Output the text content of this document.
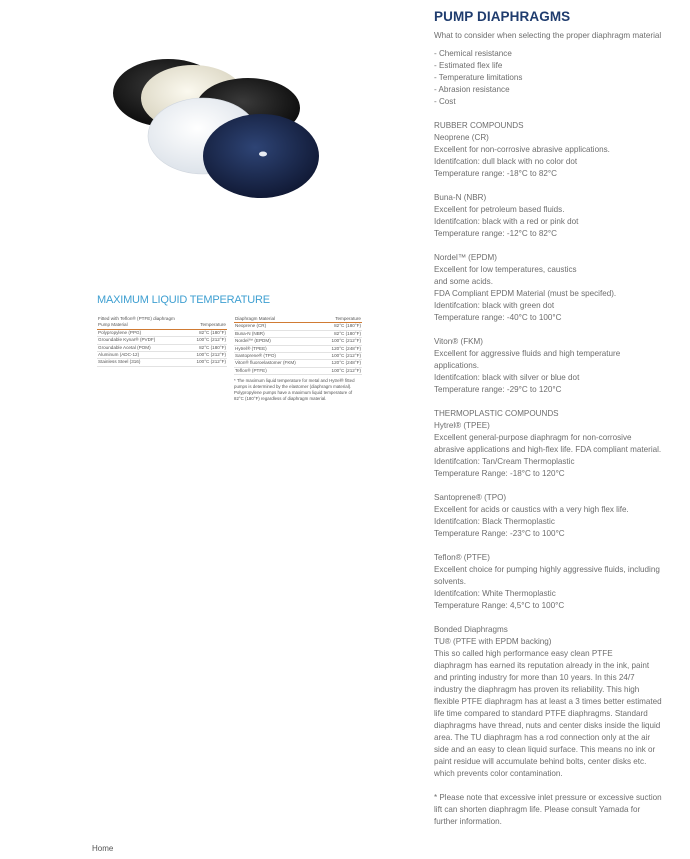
MAXIMUM LIQUID TEMPERATURE
Fitted with Teflon® (PTFE) diaphragm	
Pump Material	Temperature
Polypropylene (PPG)	82°C (180°F)
Groundable Kynar® (PVDF)	100°C (212°F)
Groundable Acetal (POM)	82°C (180°F)
Aluminum (ADC-12)	100°C (212°F)
Stainless Steel (316)	100°C (212°F)
Diaphragm Material	Temperature
Neoprene (CR)	82°C (180°F)
Buna-N (NBR)	82°C (180°F)
Nordel™ (EPDM)	100°C (212°F)
Hytrel® (TPEE)	120°C (248°F)
Santoprene® (TPO)	100°C (212°F)
Viton® fluoroelastomer (FKM)	120°C (248°F)
Teflon® (PTFE)	100°C (212°F)
* The maximum liquid temperature for metal and Hytrel® fitted pumps is determined by the elastomer (diaphragm material). Polypropylene pumps have a maximum liquid temperature of 82°C (180°F) regardless of diaphragm material.
PUMP DIAPHRAGMS

What to consider when selecting the proper diaphragm material

- Chemical resistance

- Estimated flex life

- Temperature limitations

- Abrasion resistance

- Cost

RUBBER COMPOUNDS

Neoprene (CR)

Excellent for non-corrosive abrasive applications.

Identifcation: dull black with no color dot

Temperature range: -18°C to 82°C

Buna-N (NBR)

Excellent for petroleum based fluids.

Identifcation: black with a red or pink dot

Temperature range: -12°C to 82°C

Nordel™ (EPDM)

Excellent for low temperatures, caustics

and some acids.

FDA Compliant EPDM Material (must be specifed).

Identifcation: black with green dot

Temperature range: -40°C to 100°C

Viton® (FKM)

Excellent for aggressive fluids and high temperature

applications.

Identifcation: black with silver or blue dot

Temperature range: -29°C to 120°C

THERMOPLASTIC COMPOUNDS

Hytrel® (TPEE)

Excellent general-purpose diaphragm for non-corrosive

abrasive applications and high-flex life. FDA compliant material.

Identifcation: Tan/Cream Thermoplastic

Temperature Range: -18°C to 120°C

Santoprene® (TPO)

Excellent for acids or caustics with a very high flex life.

Identifcation: Black Thermoplastic

Temperature Range: -23°C to 100°C

Teflon® (PTFE)

Excellent choice for pumping highly aggressive fluids, including

solvents.

Identifcation: White Thermoplastic

Temperature Range: 4,5°C to 100°C

Bonded Diaphragms

TU® (PTFE with EPDM backing)

This so called high performance easy clean PTFE

diaphragm has earned its reputation already in the ink, paint

and printing industry for more than 10 years. In this 24/7

industry the diaphragm has proven its reliability. This high

flexible PTFE diaphragm has at least a 3 times better estimated

life time compared to standard PTFE diaphragms. Standard

diaphragms have thread, nuts and center disks inside the liquid

area. The TU diaphragm has a rod connection only at the air

side and an easy to clean liquid surface. This means no ink or

paint residue will accumulate behind bolts, center disks etc.

which prevents color contamination.

* Please note that excessive inlet pressure or excessive suction

lift can shorten diaphragm life. Please consult Yamada for

further information.

Home
